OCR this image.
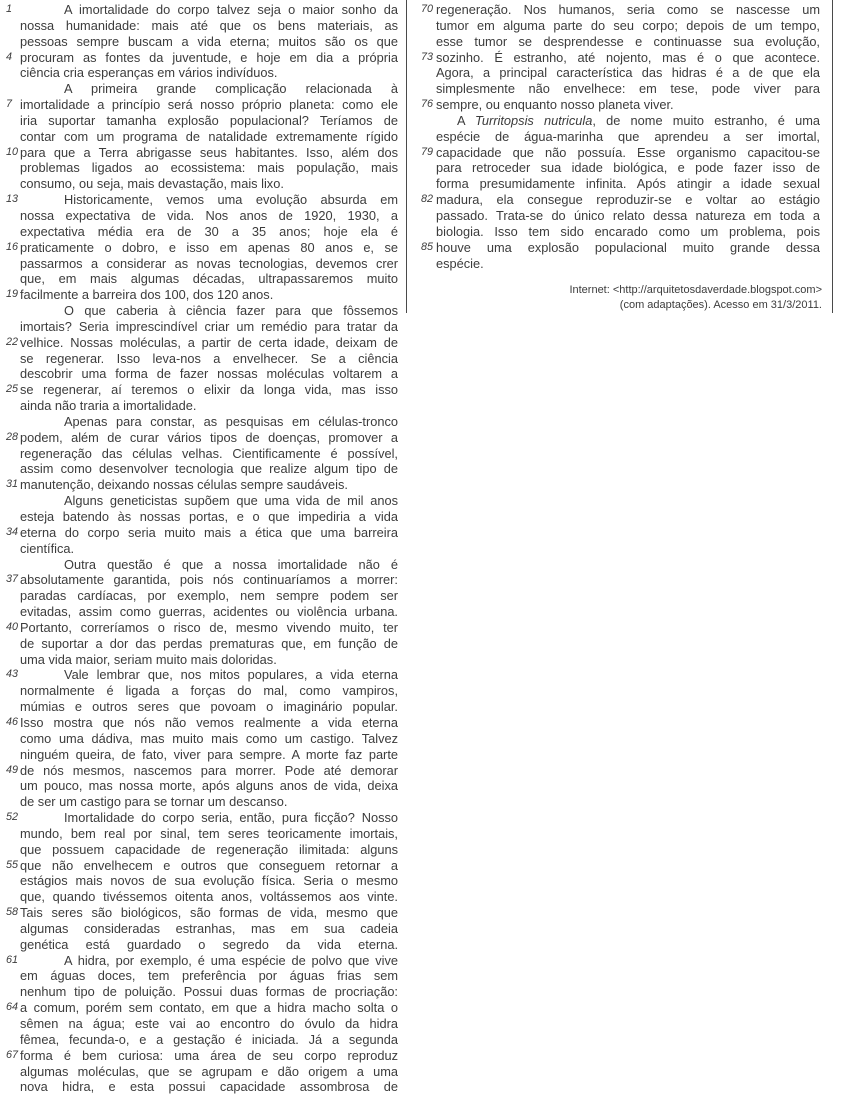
1	A imortalidade do corpo talvez seja o maior sonho da
nossa humanidade: mais até que os bens materiais, as
pessoas sempre buscam a vida eterna; muitos são os que
4 procuram as fontes da juventude, e hoje em dia a própria
ciência cria esperanças em vários indivíduos.
A primeira grande complicação relacionada à
7 imortalidade a princípio será nosso próprio planeta: como ele
iria suportar tamanha explosão populacional? Teríamos de
contar com um programa de natalidade extremamente rígido
10 para que a Terra abrigasse seus habitantes. Isso, além dos
problemas ligados ao ecossistema: mais população, mais
consumo, ou seja, mais devastação, mais lixo.
13	Historicamente, vemos uma evolução absurda em
nossa expectativa de vida. Nos anos de 1920, 1930, a
expectativa média era de 30 a 35 anos; hoje ela é
16 praticamente o dobro, e isso em apenas 80 anos e, se
passarmos a considerar as novas tecnologias, devemos crer
que, em mais algumas décadas, ultrapassaremos muito
19 facilmente a barreira dos 100, dos 120 anos.
O que caberia à ciência fazer para que fôssemos
imortais? Seria imprescindível criar um remédio para tratar da
22 velhice. Nossas moléculas, a partir de certa idade, deixam de
se regenerar. Isso leva-nos a envelhecer. Se a ciência
descobrir uma forma de fazer nossas moléculas voltarem a
25 se regenerar, aí teremos o elixir da longa vida, mas isso
ainda não traria a imortalidade.
Apenas para constar, as pesquisas em células-tronco
28 podem, além de curar vários tipos de doenças, promover a
regeneração das células velhas. Cientificamente é possível,
assim como desenvolver tecnologia que realize algum tipo de
31 manutenção, deixando nossas células sempre saudáveis.
Alguns geneticistas supõem que uma vida de mil anos
esteja batendo às nossas portas, e o que impediria a vida
34 eterna do corpo seria muito mais a ética que uma barreira
científica.
Outra questão é que a nossa imortalidade não é
37 absolutamente garantida, pois nós continuaríamos a morrer:
paradas cardíacas, por exemplo, nem sempre podem ser
evitadas, assim como guerras, acidentes ou violência urbana.
40 Portanto, correríamos o risco de, mesmo vivendo muito, ter
de suportar a dor das perdas prematuras que, em função de
uma vida maior, seriam muito mais doloridas.
43	Vale lembrar que, nos mitos populares, a vida eterna
normalmente é ligada a forças do mal, como vampiros,
múmias e outros seres que povoam o imaginário popular.
46 Isso mostra que nós não vemos realmente a vida eterna
como uma dádiva, mas muito mais como um castigo. Talvez
ninguém queira, de fato, viver para sempre. A morte faz parte
49 de nós mesmos, nascemos para morrer. Pode até demorar
um pouco, mas nossa morte, após alguns anos de vida, deixa
de ser um castigo para se tornar um descanso.
52	Imortalidade do corpo seria, então, pura ficção? Nosso
mundo, bem real por sinal, tem seres teoricamente imortais,
que possuem capacidade de regeneração ilimitada: alguns
55 que não envelhecem e outros que conseguem retornar a
estágios mais novos de sua evolução física. Seria o mesmo
que, quando tivéssemos oitenta anos, voltássemos aos vinte.
58 Tais seres são biológicos, são formas de vida, mesmo que
algumas consideradas estranhas, mas em sua cadeia
genética está guardado o segredo da vida eterna.
61	A hidra, por exemplo, é uma espécie de polvo que vive
em águas doces, tem preferência por águas frias sem
nenhum tipo de poluição. Possui duas formas de procriação:
64 a comum, porém sem contato, em que a hidra macho solta o
sêmen na água; este vai ao encontro do óvulo da hidra
fêmea, fecunda-o, e a gestação é iniciada. Já a segunda
67 forma é bem curiosa: uma área de seu corpo reproduz
algumas moléculas, que se agrupam e dão origem a uma
nova hidra, e esta possui capacidade assombrosa de
70 regeneração. Nos humanos, seria como se nascesse um
tumor em alguma parte do seu corpo; depois de um tempo,
esse tumor se desprendesse e continuasse sua evolução,
73 sozinho. É estranho, até nojento, mas é o que acontece.
Agora, a principal característica das hidras é a de que ela
simplesmente não envelhece: em tese, pode viver para
76 sempre, ou enquanto nosso planeta viver.
A Turritopsis nutricula, de nome muito estranho, é uma
espécie de água-marinha que aprendeu a ser imortal,
79 capacidade que não possuía. Esse organismo capacitou-se
para retroceder sua idade biológica, e pode fazer isso de
forma presumidamente infinita. Após atingir a idade sexual
82 madura, ela consegue reproduzir-se e voltar ao estágio
passado. Trata-se do único relato dessa natureza em toda a
biologia. Isso tem sido encarado como um problema, pois
85 houve uma explosão populacional muito grande dessa
espécie.
Internet: <http://arquitetosdaverdade.blogspot.com>
(com adaptações). Acesso em 31/3/2011.
